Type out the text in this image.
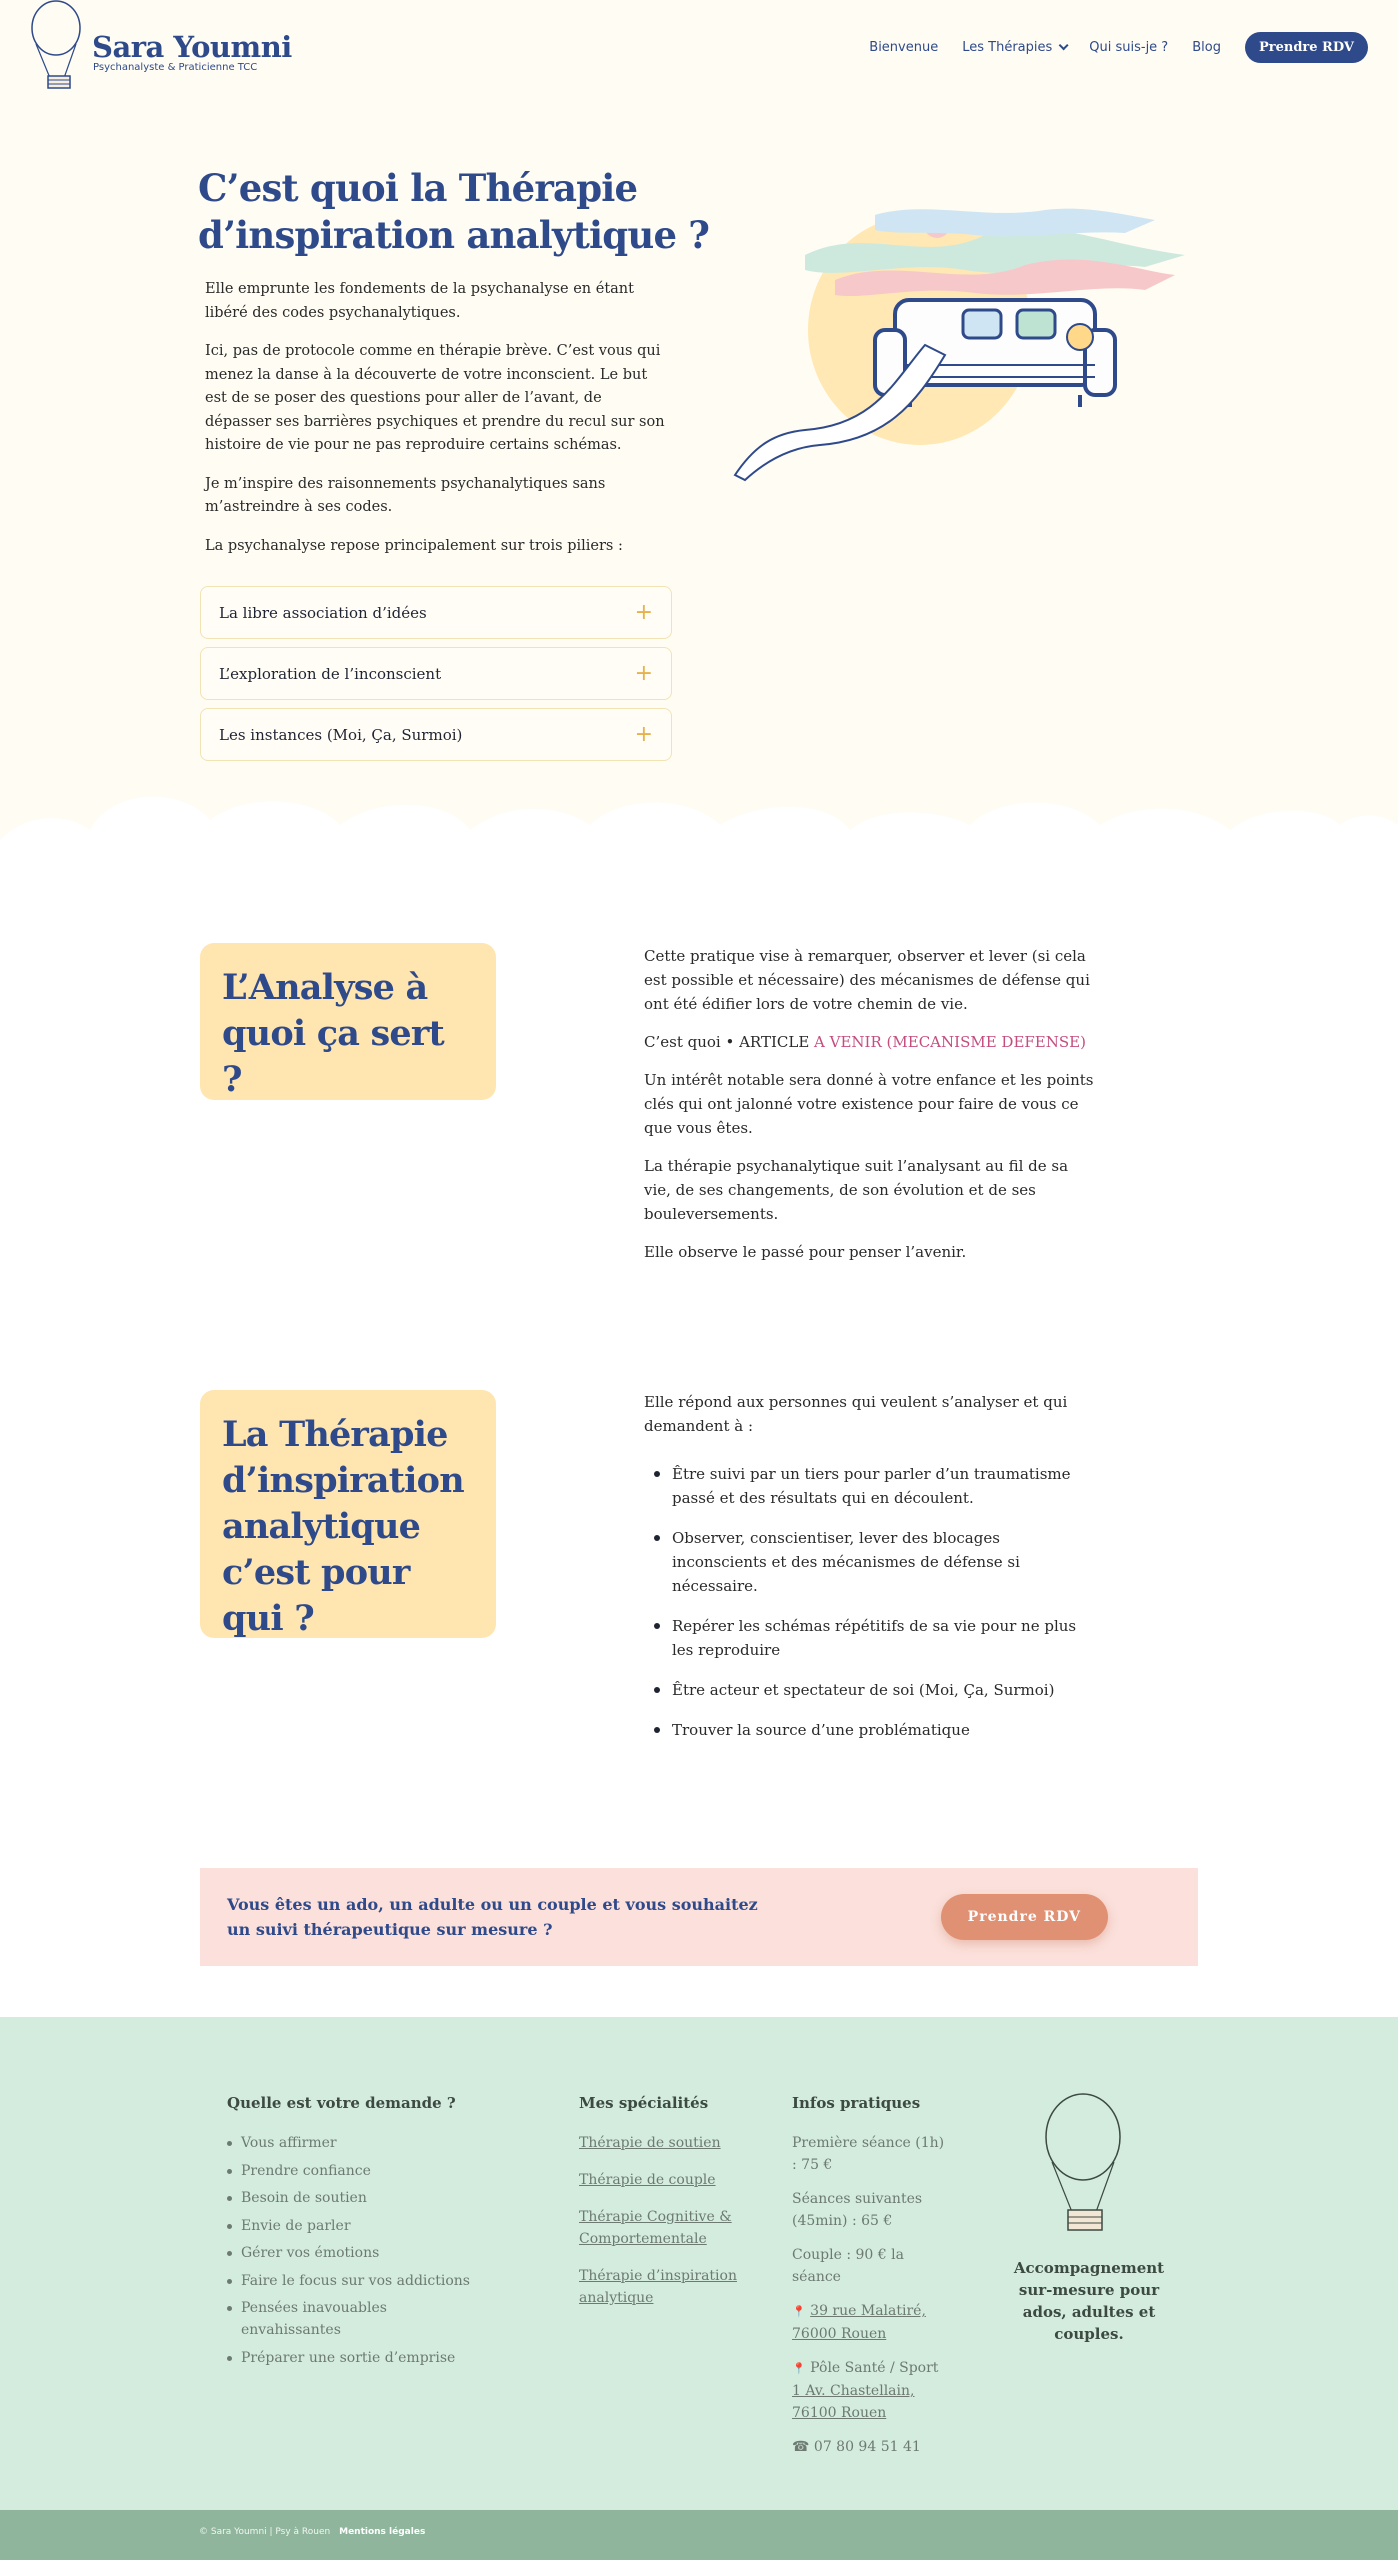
Sara Youmni
Psychanalyste & Praticienne TCC
Bienvenue Les Thérapies	Qui suis-je ? Blog	Prendre RDV
C’est quoi la Thérapie d’inspiration analytique ?

Elle emprunte les fondements de la psychanalyse en étant libéré des codes psychanalytiques.

Ici, pas de protocole comme en thérapie brève. C’est vous qui menez la danse à la découverte de votre inconscient. Le but est de se poser des questions pour aller de l’avant, de dépasser ses barrières psychiques et prendre du recul sur son histoire de vie pour ne pas reproduire certains schémas.

Je m’inspire des raisonnements psychanalytiques sans m’astreindre à ses codes.

La psychanalyse repose principalement sur trois piliers :

La libre association d’idées	+
L’exploration de l’inconscient	+
Les instances (Moi, Ça, Surmoi)	+
L’Analyse à quoi ça sert ?

Cette pratique vise à remarquer, observer et lever (si cela est possible et nécessaire) des mécanismes de défense qui ont été édifier lors de votre chemin de vie.

C’est quoi • ARTICLE A VENIR (MECANISME DEFENSE)

Un intérêt notable sera donné à votre enfance et les points clés qui ont jalonné votre existence pour faire de vous ce que vous êtes.

La thérapie psychanalytique suit l’analysant au fil de sa vie, de ses changements, de son évolution et de ses bouleversements.

Elle observe le passé pour penser l’avenir.

La Thérapie d’inspiration analytique c’est pour qui ?

Elle répond aux personnes qui veulent s’analyser et qui demandent à :

Être suivi par un tiers pour parler d’un traumatisme passé et des résultats qui en découlent.
Observer, conscientiser, lever des blocages inconscients et des mécanismes de défense si nécessaire.
Repérer les schémas répétitifs de sa vie pour ne plus les reproduire
Être acteur et spectateur de soi (Moi, Ça, Surmoi)
Trouver la source d’une problématique
Vous êtes un ado, un adulte ou un couple et vous souhaitez un suivi thérapeutique sur mesure ?
Prendre RDV
Quelle est votre demande ?
Vous affirmer
Prendre confiance
Besoin de soutien
Envie de parler
Gérer vos émotions
Faire le focus sur vos addictions
Pensées inavouables envahissantes
Préparer une sortie d’emprise
Mes spécialités
Thérapie de soutien
Thérapie de couple
Thérapie Cognitive & Comportementale
Thérapie d’inspiration analytique
Infos pratiques
Première séance (1h) : 75 €
Séances suivantes (45min) : 65 €
Couple : 90 € la séance
📍 39 rue Malatiré, 76000 Rouen
📍 Pôle Santé / Sport
1 Av. Chastellain, 76100 Rouen
☎ 07 80 94 51 41
Accompagnement sur-mesure pour ados, adultes et couples.
© Sara Youmni | Psy à Rouen Mentions légales
